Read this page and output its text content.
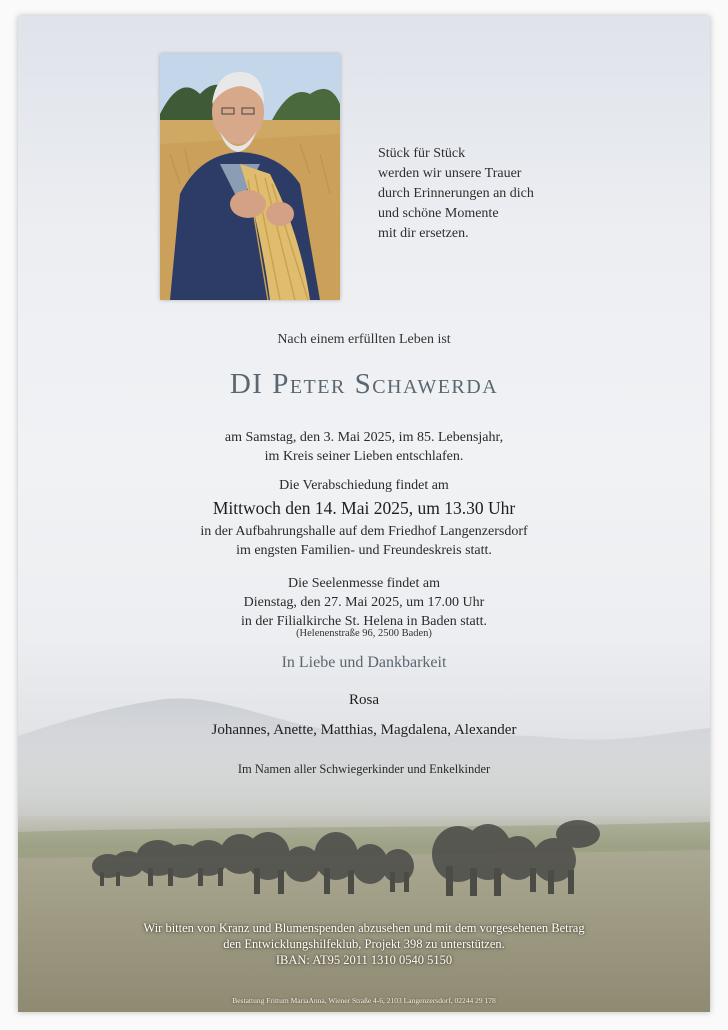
Stück für Stück
werden wir unsere Trauer
durch Erinnerungen an dich
und schöne Momente
mit dir ersetzen.
Nach einem erfüllten Leben ist
DI Peter Schawerda
am Samstag, den 3. Mai 2025, im 85. Lebensjahr,
im Kreis seiner Lieben entschlafen.
Die Verabschiedung findet am
Mittwoch den 14. Mai 2025, um 13.30 Uhr
in der Aufbahrungshalle auf dem Friedhof Langenzersdorf
im engsten Familien- und Freundeskreis statt.
Die Seelenmesse findet am
Dienstag, den 27. Mai 2025, um 17.00 Uhr
in der Filialkirche St. Helena in Baden statt.
(Helenenstraße 96, 2500 Baden)
In Liebe und Dankbarkeit
Rosa
Johannes, Anette, Matthias, Magdalena, Alexander
Im Namen aller Schwiegerkinder und Enkelkinder
Wir bitten von Kranz und Blumenspenden abzusehen und mit dem vorgesehenen Betrag
den Entwicklungshilfeklub, Projekt 398 zu unterstützen.
IBAN: AT95 2011 1310 0540 5150
Bestattung Frittum MariaAnna, Wiener Straße 4-6, 2103 Langenzersdorf, 02244 29 178
